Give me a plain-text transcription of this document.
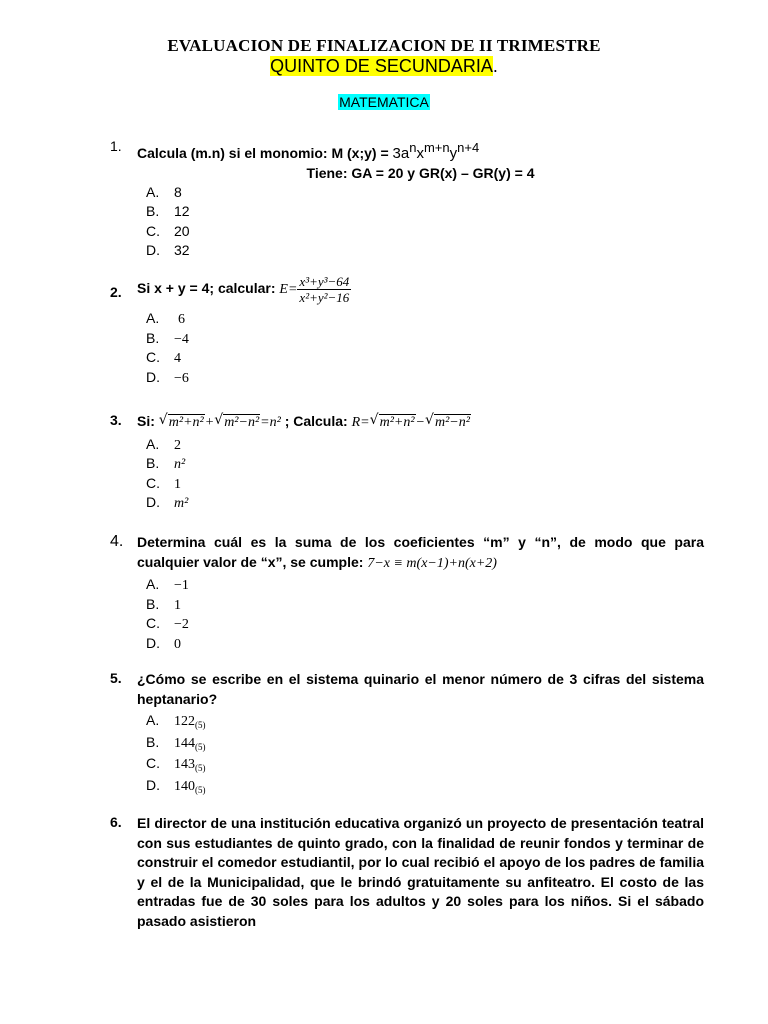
EVALUACION DE FINALIZACION DE II TRIMESTRE
QUINTO DE SECUNDARIA.
MATEMATICA
1. Calcula (m.n) si el monomio: M (x;y) = $3a^nx^{m+n}y^{n+4}$
Tiene: GA = 20 y GR(x) – GR(y) = 4
A. 8
B. 12
C. 20
D. 32
2. Si x + y = 4; calcular: $E= \frac{\text{x³+y³−64}}{\text{x²+y²−16}}$
A. 6
B. −4
C. 4
D. −6
3. Si: √ m²+n²+ √ m²−n²=n² ; Calcula: R= √ m²+n²− √ m²−n²
A. 2
B. n²
C. 1
D. m²
4. Determina cuál es la suma de los coeficientes “m” y “n”, de modo que para cualquier valor de “x”, se cumple: 7−x ≡ m(x−1)+n(x+2)
A. −1
B. 1
C. −2
D. 0
5. ¿Cómo se escribe en el sistema quinario el menor número de 3 cifras del sistema heptanario?
A. $122_{(5)}$
B. $144_{(5)}$
C. $143_{(5)}$
D. $140_{(5)}$
6. El director de una institución educativa organizó un proyecto de presentación teatral con sus estudiantes de quinto grado, con la finalidad de reunir fondos y terminar de construir el comedor estudiantil, por lo cual recibió el apoyo de los padres de familia y el de la Municipalidad, que le brindó gratuitamente su anfiteatro. El costo de las entradas fue de 30 soles para los adultos y 20 soles para los niños. Si el sábado pasado asistieron
